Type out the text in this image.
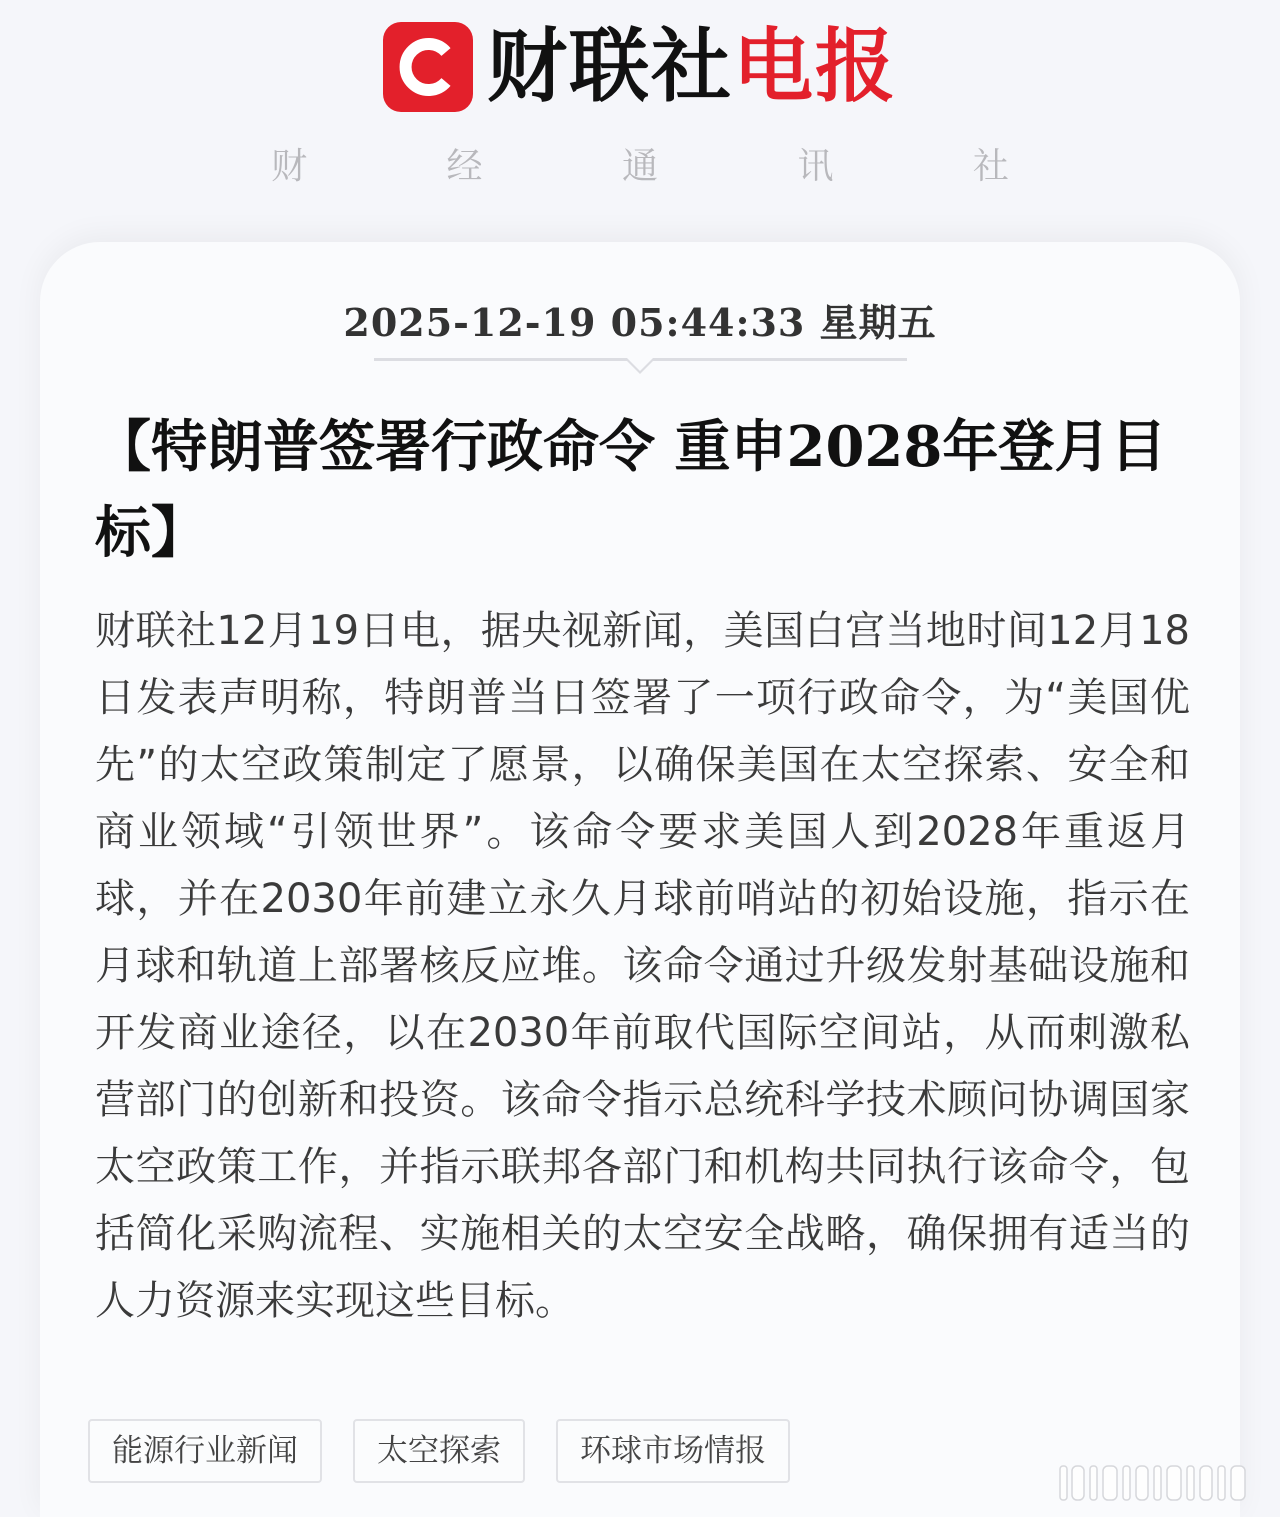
财联社电报
财 经 通 讯 社
2025-12-19 05:44:33 星期五
【特朗普签署行政命令 重申2028年登月目标】

财联社12月19日电，据央视新闻，美国白宫当地时间12月18日发表声明称，特朗普当日签署了一项行政命令，为“美国优先”的太空政策制定了愿景，以确保美国在太空探索、安全和商业领域“引领世界”。该命令要求美国人到2028年重返月球，并在2030年前建立永久月球前哨站的初始设施，指示在月球和轨道上部署核反应堆。该命令通过升级发射基础设施和开发商业途径，以在2030年前取代国际空间站，从而刺激私营部门的创新和投资。该命令指示总统科学技术顾问协调国家太空政策工作，并指示联邦各部门和机构共同执行该命令，包括简化采购流程、实施相关的太空安全战略，确保拥有适当的人力资源来实现这些目标。

能源行业新闻	太空探索	环球市场情报
